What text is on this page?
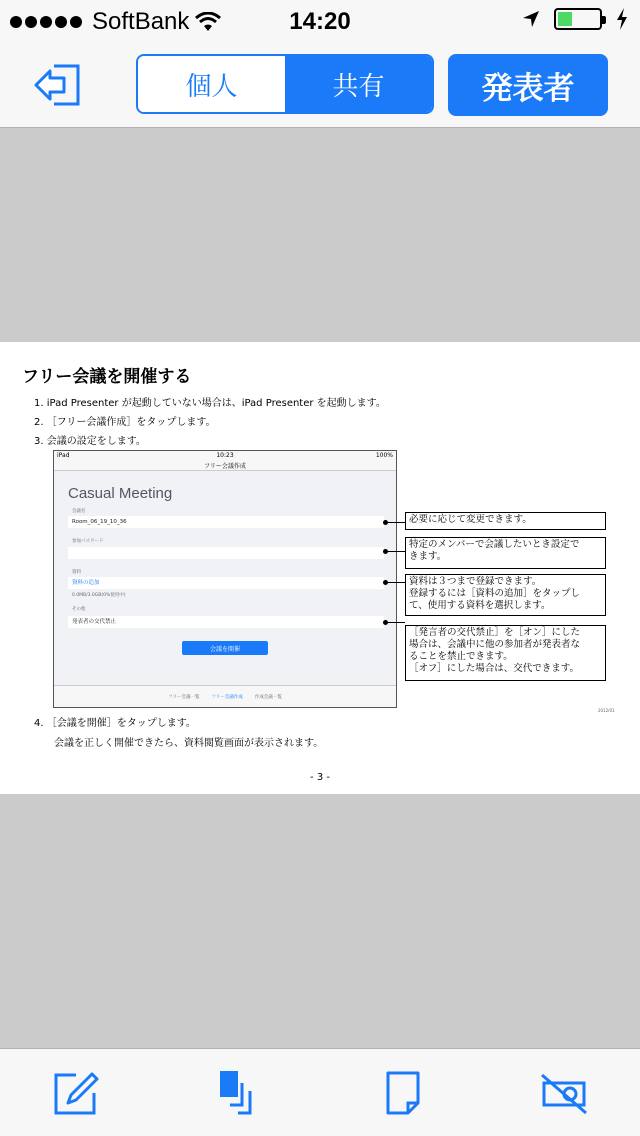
SoftBank	14:20
個人	共有	発表者
フリー会議を開催する
1. iPad Presenter が起動していない場合は、iPad Presenter を起動します。
2. ［フリー会議作成］をタップします。
3. 会議の設定をします。
iPad	10:23	100%
フリー会議作成
Casual Meeting
会議名
Room_06_19_10_36
参加パスワード
資料
資料の追加
0.0MB/3.0GB(0%使用中)
その他
発表者の交代禁止
会議を開催
フリー会議一覧	フリー会議作成	作成会議一覧
必要に応じて変更できます。
特定のメンバーで会議したいとき設定で
きます。
資料は３つまで登録できます。
登録するには［資料の追加］をタップし
て、使用する資料を選択します。
［発言者の交代禁止］を［オン］にした
場合は、会議中に他の参加者が発表者な
ることを禁止できます。
［オフ］にした場合は、交代できます。
2012/01
4. ［会議を開催］をタップします。
会議を正しく開催できたら、資料閲覧画面が表示されます。
- 3 -
